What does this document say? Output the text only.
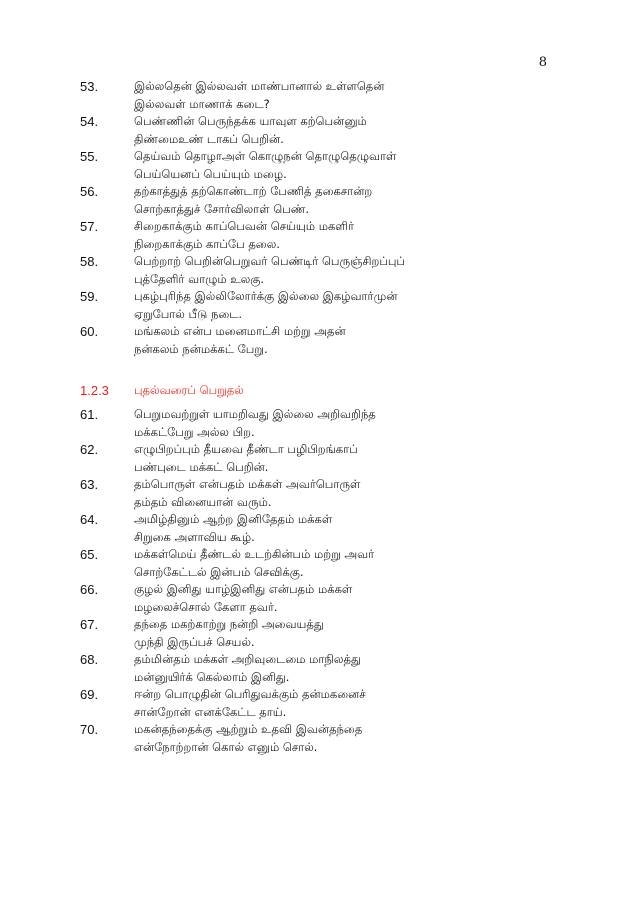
8
53.	இல்லதென் இல்லவள் மாண்பானால் உள்ளதென்
இல்லவள் மாணாக் கடை?
54.	பெண்ணின் பெருந்தக்க யாவுள கற்பென்னும்
திண்மைஉண் டாகப் பெறின்.
55.	தெய்வம் தொழாஅள் கொழுநன் தொழுதெழுவாள்
பெய்யெனப் பெய்யும் மழை.
56.	தற்காத்துத் தற்கொண்டாற் பேணித் தகைசான்ற
சொற்காத்துச் சோர்விலாள் பெண்.
57.	சிறைகாக்கும் காப்பெவன் செய்யும் மகளிர்
நிறைகாக்கும் காப்பே தலை.
58.	பெற்றாற் பெறின்பெறுவர் பெண்டிர் பெருஞ்சிறப்புப்
புத்தேளிர் வாழும் உலகு.
59.	புகழ்புரிந்த இல்லிலோர்க்கு இல்லை இகழ்வார்முன்
ஏறுபோல் பீடு நடை.
60.	மங்கலம் என்ப மனைமாட்சி மற்று அதன்
நன்கலம் நன்மக்கட் பேறு.
1.2.3	புதல்வரைப் பெறுதல்
61.	பெறுமவற்றுள் யாமறிவது இல்லை அறிவறிந்த
மக்கட்பேறு அல்ல பிற.
62.	எழுபிறப்பும் தீயவை தீண்டா பழிபிறங்காப்
பண்புடை மக்கட் பெறின்.
63.	தம்பொருள் என்பதம் மக்கள் அவர்பொருள்
தம்தம் வினையான் வரும்.
64.	அமிழ்தினும் ஆற்ற இனிதேதம் மக்கள்
சிறுகை அளாவிய கூழ்.
65.	மக்கள்மெய் தீண்டல் உடற்கின்பம் மற்று அவர்
சொற்கேட்டல் இன்பம் செவிக்கு.
66.	குழல் இனிது யாழ்இனிது என்பதம் மக்கள்
மழலைச்சொல் கேளா தவர்.
67.	தந்தை மகற்காற்று நன்றி அவையத்து
முந்தி இருப்பச் செயல்.
68.	தம்மின்தம் மக்கள் அறிவுடைமை மாநிலத்து
மன்னுயிர்க் கெல்லாம் இனிது.
69.	ஈன்ற பொழுதின் பெரிதுவக்கும் தன்மகனைச்
சான்றோன் எனக்கேட்ட தாய்.
70.	மகன்தந்தைக்கு ஆற்றும் உதவி இவன்தந்தை
என்நோற்றான் கொல் எனும் சொல்.
